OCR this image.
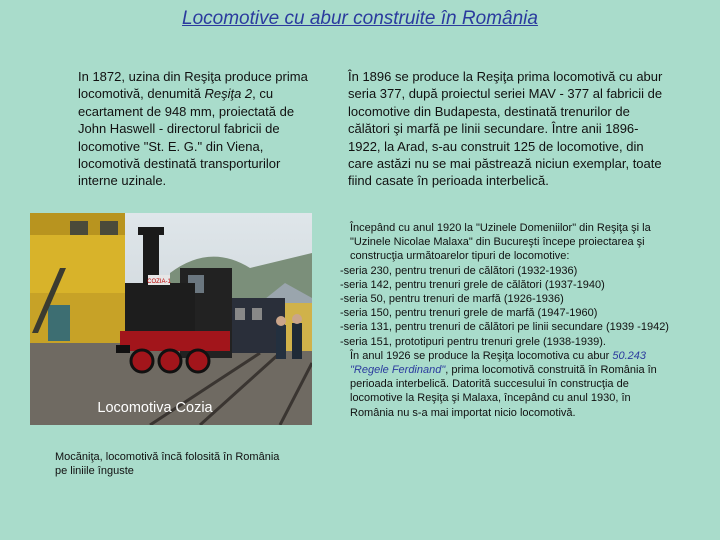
Locomotive cu abur construite în România
In 1872, uzina din Reşiţa produce prima locomotivă, denumită Reşiţa 2, cu ecartament de 948 mm, proiectată de John Haswell - directorul fabricii de locomotive "St. E. G." din Viena, locomotivă destinată transporturilor interne uzinale.
În 1896 se produce la Reşiţa prima locomotivă cu abur seria 377, după proiectul seriei MAV - 377 al fabricii de locomotive din Budapesta, destinată trenurilor de călători şi marfă pe linii secundare. Între anii 1896-1922, la Arad, s-au construit 125 de locomotive, din care astăzi nu se mai păstrează niciun exemplar, toate fiind casate în perioada interbelică.
COZIA-1
Locomotiva Cozia
Mocăniţa, locomotivă încă folosită în România pe liniile înguste

Începând cu anul 1920 la "Uzinele Domeniilor" din Reşiţa şi la "Uzinele Nicolae Malaxa" din Bucureşti începe proiectarea şi construcţia următoarelor tipuri de locomotive:

-seria 230, pentru trenuri de călători (1932-1936)

-seria 142, pentru trenuri grele de călători (1937-1940)

-seria 50, pentru trenuri de marfă (1926-1936)

-seria 150, pentru trenuri grele de marfă (1947-1960)

-seria 131, pentru trenuri de călători pe linii secundare (1939 -1942)

-seria 151, prototipuri pentru trenuri grele (1938-1939).

În anul 1926 se produce la Reşiţa locomotiva cu abur 50.243 "Regele Ferdinand", prima locomotivă construită în România în perioada interbelică. Datorită succesului în construcţia de locomotive la Reşiţa şi Malaxa, începând cu anul 1930, în România nu s-a mai importat nicio locomotivă.
